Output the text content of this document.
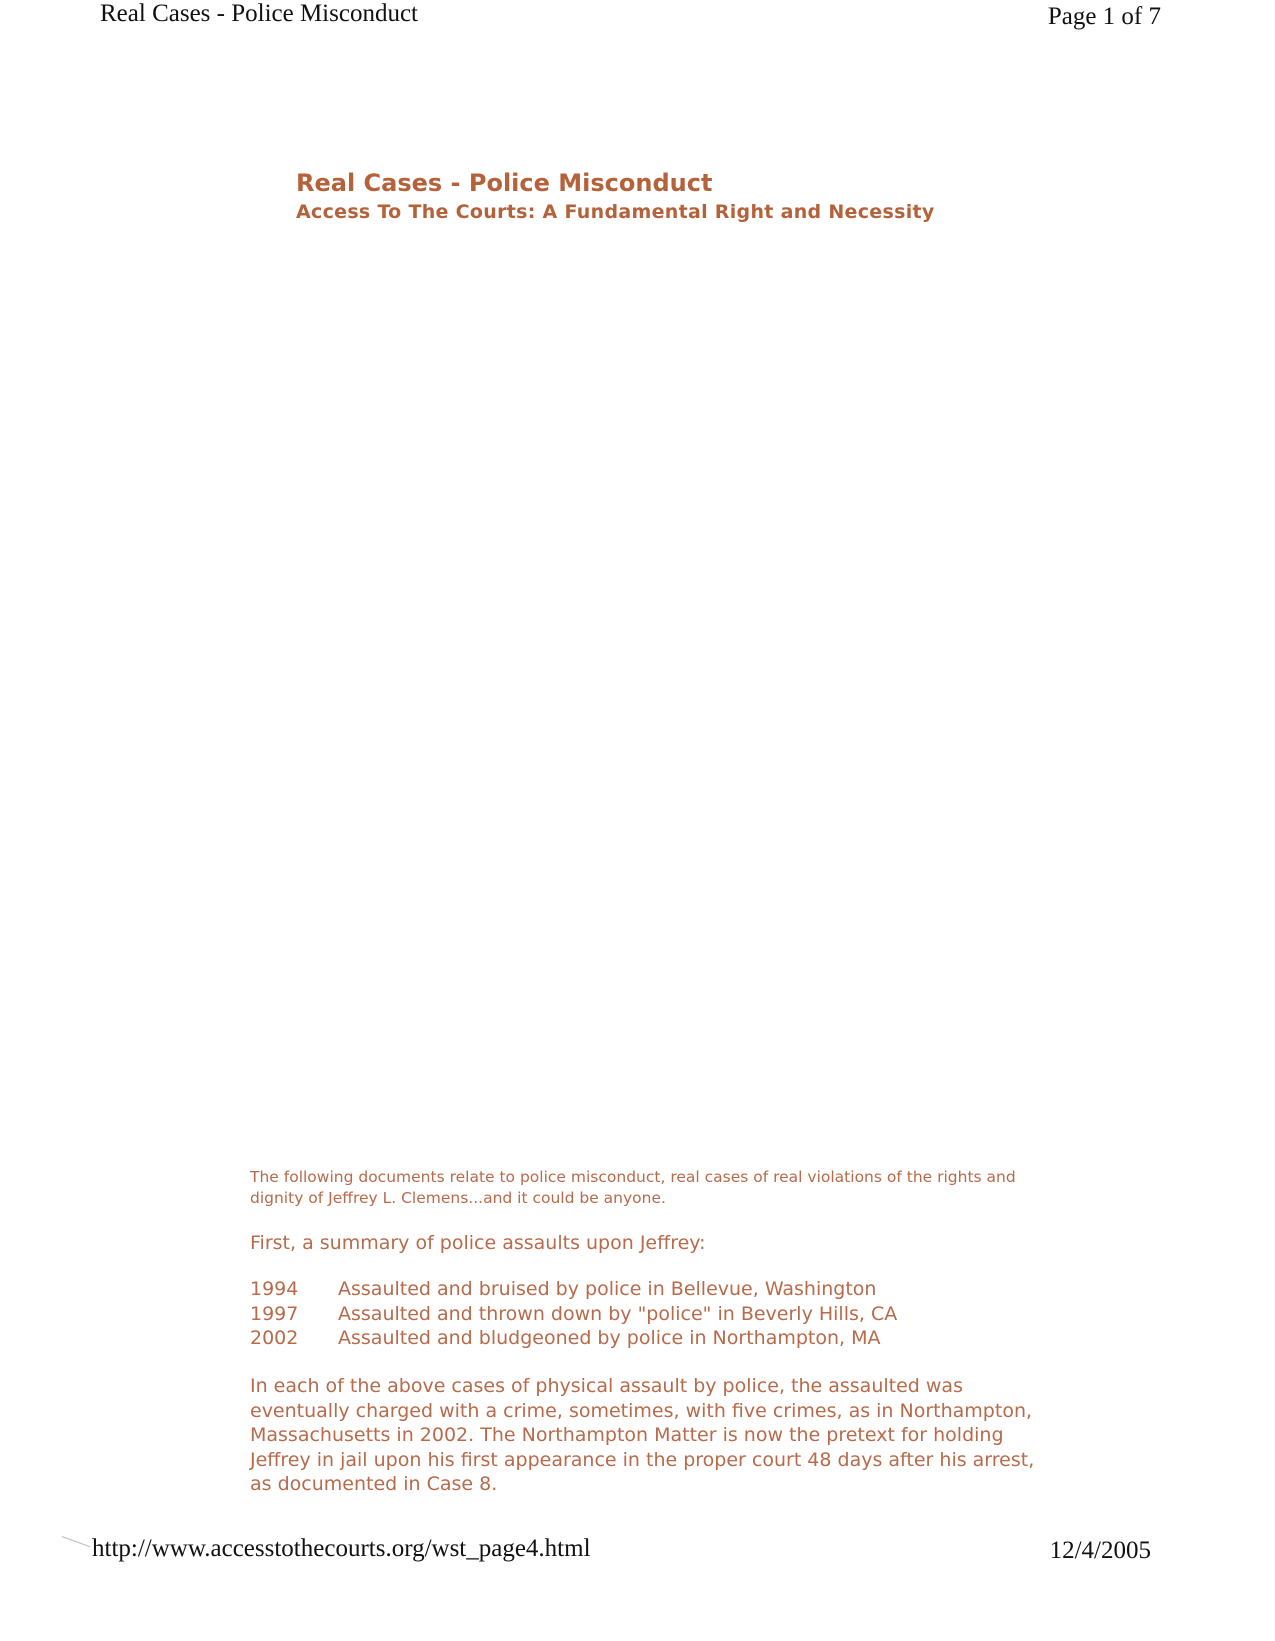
Real Cases - Police Misconduct	Page 1 of 7
Real Cases - Police Misconduct
Access To The Courts: A Fundamental Right and Necessity

The following documents relate to police misconduct, real cases of real violations of the rights and dignity of Jeffrey L. Clemens...and it could be anyone.

First, a summary of police assaults upon Jeffrey:

1994	Assaulted and bruised by police in Bellevue, Washington
1997	Assaulted and thrown down by "police" in Beverly Hills, CA
2002	Assaulted and bludgeoned by police in Northampton, MA

In each of the above cases of physical assault by police, the assaulted was eventually charged with a crime, sometimes, with five crimes, as in Northampton, Massachusetts in 2002. The Northampton Matter is now the pretext for holding Jeffrey in jail upon his first appearance in the proper court 48 days after his arrest, as documented in Case 8.

http://www.accesstothecourts.org/wst_page4.html	12/4/2005
